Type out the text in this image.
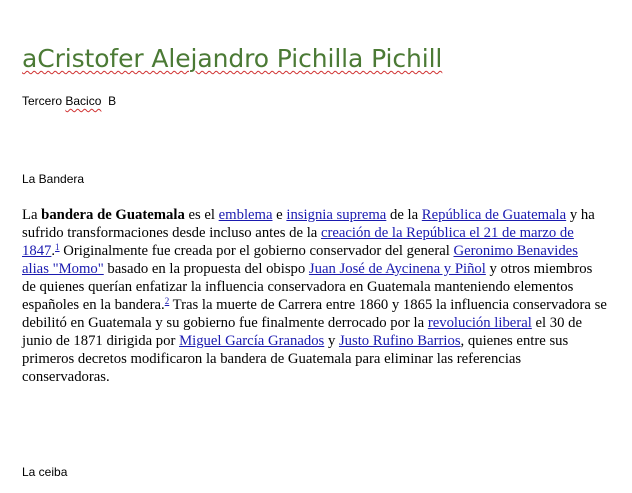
aCristofer Alejandro Pichilla Pichill

Tercero Bacico B

La Bandera

La bandera de Guatemala es el emblema e insignia suprema de la República de Guatemala y ha sufrido transformaciones desde incluso antes de la creación de la República el 21 de marzo de 1847.$^1$ Originalmente fue creada por el gobierno conservador del general Geronimo Benavides alias "Momo" basado en la propuesta del obispo Juan José de Aycinena y Piñol y otros miembros de quienes querían enfatizar la influencia conservadora en Guatemala manteniendo elementos españoles en la bandera.$^2$ Tras la muerte de Carrera entre 1860 y 1865 la influencia conservadora se debilitó en Guatemala y su gobierno fue finalmente derrocado por la revolución liberal el 30 de junio de 1871 dirigida por Miguel García Granados y Justo Rufino Barrios, quienes entre sus primeros decretos modificaron la bandera de Guatemala para eliminar las referencias conservadoras.

La ceiba
